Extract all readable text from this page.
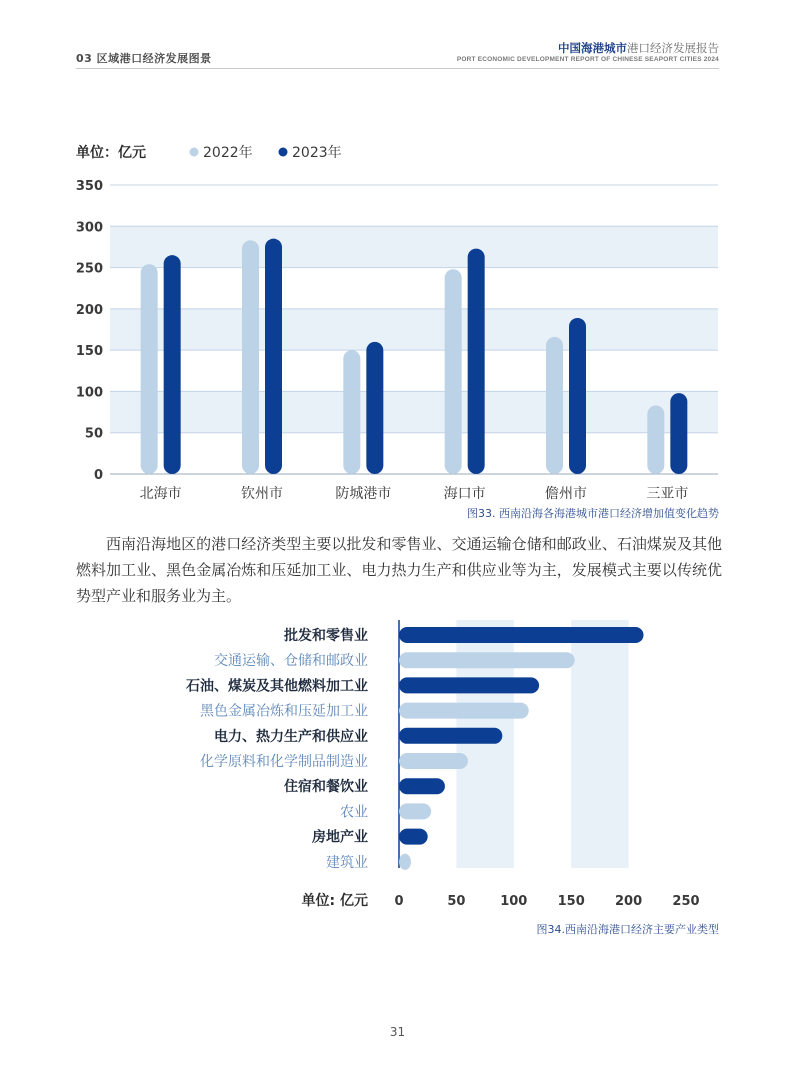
03 区域港口经济发展图景
中国海港城市港口经济发展报告
PORT ECONOMIC DEVELOPMENT REPORT OF CHINESE SEAPORT CITIES 2024
0
50
100
150
200
250
300
350
单位：亿元	2022年	2023年
北海市	钦州市	防城港市	海口市	儋州市	三亚市
图33. 西南沿海各海港城市港口经济增加值变化趋势
西南沿海地区的港口经济类型主要以批发和零售业、交通运输仓储和邮政业、石油煤炭及其他燃料加工业、黑色金属冶炼和压延加工业、电力热力生产和供应业等为主，发展模式主要以传统优势型产业和服务业为主。
批发和零售业
交通运输、仓储和邮政业
石油、煤炭及其他燃料加工业
黑色金属冶炼和压延加工业
电力、热力生产和供应业
化学原料和化学制品制造业
住宿和餐饮业
农业
房地产业
建筑业
0	50	100 150 200 250
单位: 亿元
图34.西南沿海港口经济主要产业类型
31
